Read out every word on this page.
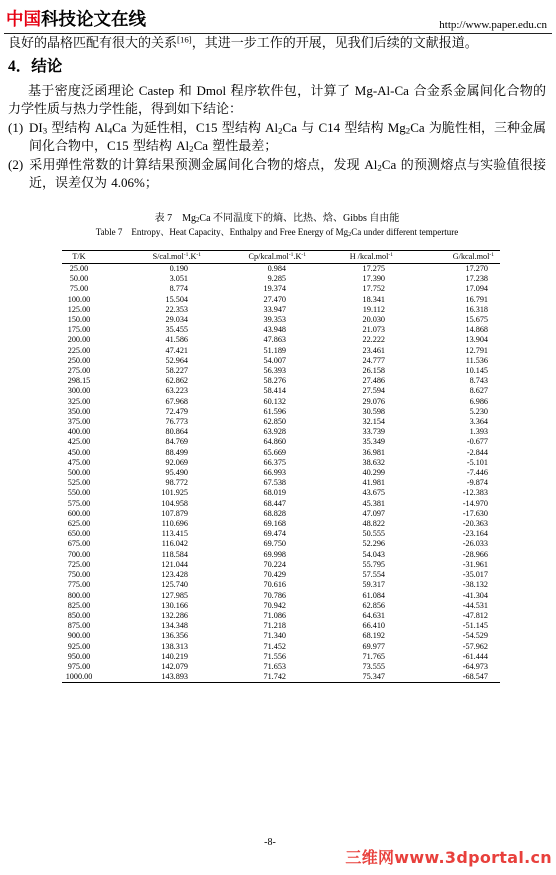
中国科技论文在线	http://www.paper.edu.cn

良好的晶格匹配有很大的关系[16]，其进一步工作的开展，见我们后续的文献报道。

4．结论

基于密度泛函理论 Castep 和 Dmol 程序软件包，计算了 Mg-Al-Ca 合金系金属间化合物的力学性质与热力学性能，得到如下结论：

(1) $DI_3$ 型结构 $Al_4Ca$ 为延性相，C15 型结构 $Al_2Ca$ 与 C14 型结构 $Mg_2Ca$ 为脆性相，三种金属间化合物中，C15 型结构 $Al_2Ca$ 塑性最差；
(2) 采用弹性常数的计算结果预测金属间化合物的熔点，发现 $Al_2Ca$ 的预测熔点与实验值很接近，误差仅为 4.06%；

表 7　$Mg_2Ca$ 不同温度下的熵、比热、焓、Gibbs 自由能

Table 7　Entropy、Heat Capacity、Enthalpy and Free Energy of $Mg_2Ca$ under different temperture

T/K	$S/cal.mol^{-1}.K^{-1}$	$Cp/kcal.mol^{-1}.K^{-1}$	H /kcal.mol$^{-1}$	G/kcal.mol$^{-1}$
25.00	0.190	0.984	17.275	17.270
50.00	3.051	9.285	17.390	17.238
75.00	8.774	19.374	17.752	17.094
100.00	15.504	27.470	18.341	16.791
125.00	22.353	33.947	19.112	16.318
150.00	29.034	39.353	20.030	15.675
175.00	35.455	43.948	21.073	14.868
200.00	41.586	47.863	22.222	13.904
225.00	47.421	51.189	23.461	12.791
250.00	52.964	54.007	24.777	11.536
275.00	58.227	56.393	26.158	10.145
298.15	62.862	58.276	27.486	8.743
300.00	63.223	58.414	27.594	8.627
325.00	67.968	60.132	29.076	6.986
350.00	72.479	61.596	30.598	5.230
375.00	76.773	62.850	32.154	3.364
400.00	80.864	63.928	33.739	1.393
425.00	84.769	64.860	35.349	-0.677
450.00	88.499	65.669	36.981	-2.844
475.00	92.069	66.375	38.632	-5.101
500.00	95.490	66.993	40.299	-7.446
525.00	98.772	67.538	41.981	-9.874
550.00	101.925	68.019	43.675	-12.383
575.00	104.958	68.447	45.381	-14.970
600.00	107.879	68.828	47.097	-17.630
625.00	110.696	69.168	48.822	-20.363
650.00	113.415	69.474	50.555	-23.164
675.00	116.042	69.750	52.296	-26.033
700.00	118.584	69.998	54.043	-28.966
725.00	121.044	70.224	55.795	-31.961
750.00	123.428	70.429	57.554	-35.017
775.00	125.740	70.616	59.317	-38.132
800.00	127.985	70.786	61.084	-41.304
825.00	130.166	70.942	62.856	-44.531
850.00	132.286	71.086	64.631	-47.812
875.00	134.348	71.218	66.410	-51.145
900.00	136.356	71.340	68.192	-54.529
925.00	138.313	71.452	69.977	-57.962
950.00	140.219	71.556	71.765	-61.444
975.00	142.079	71.653	73.555	-64.973
1000.00	143.893	71.742	75.347	-68.547
-8-
三维网www.3dportal.cn
